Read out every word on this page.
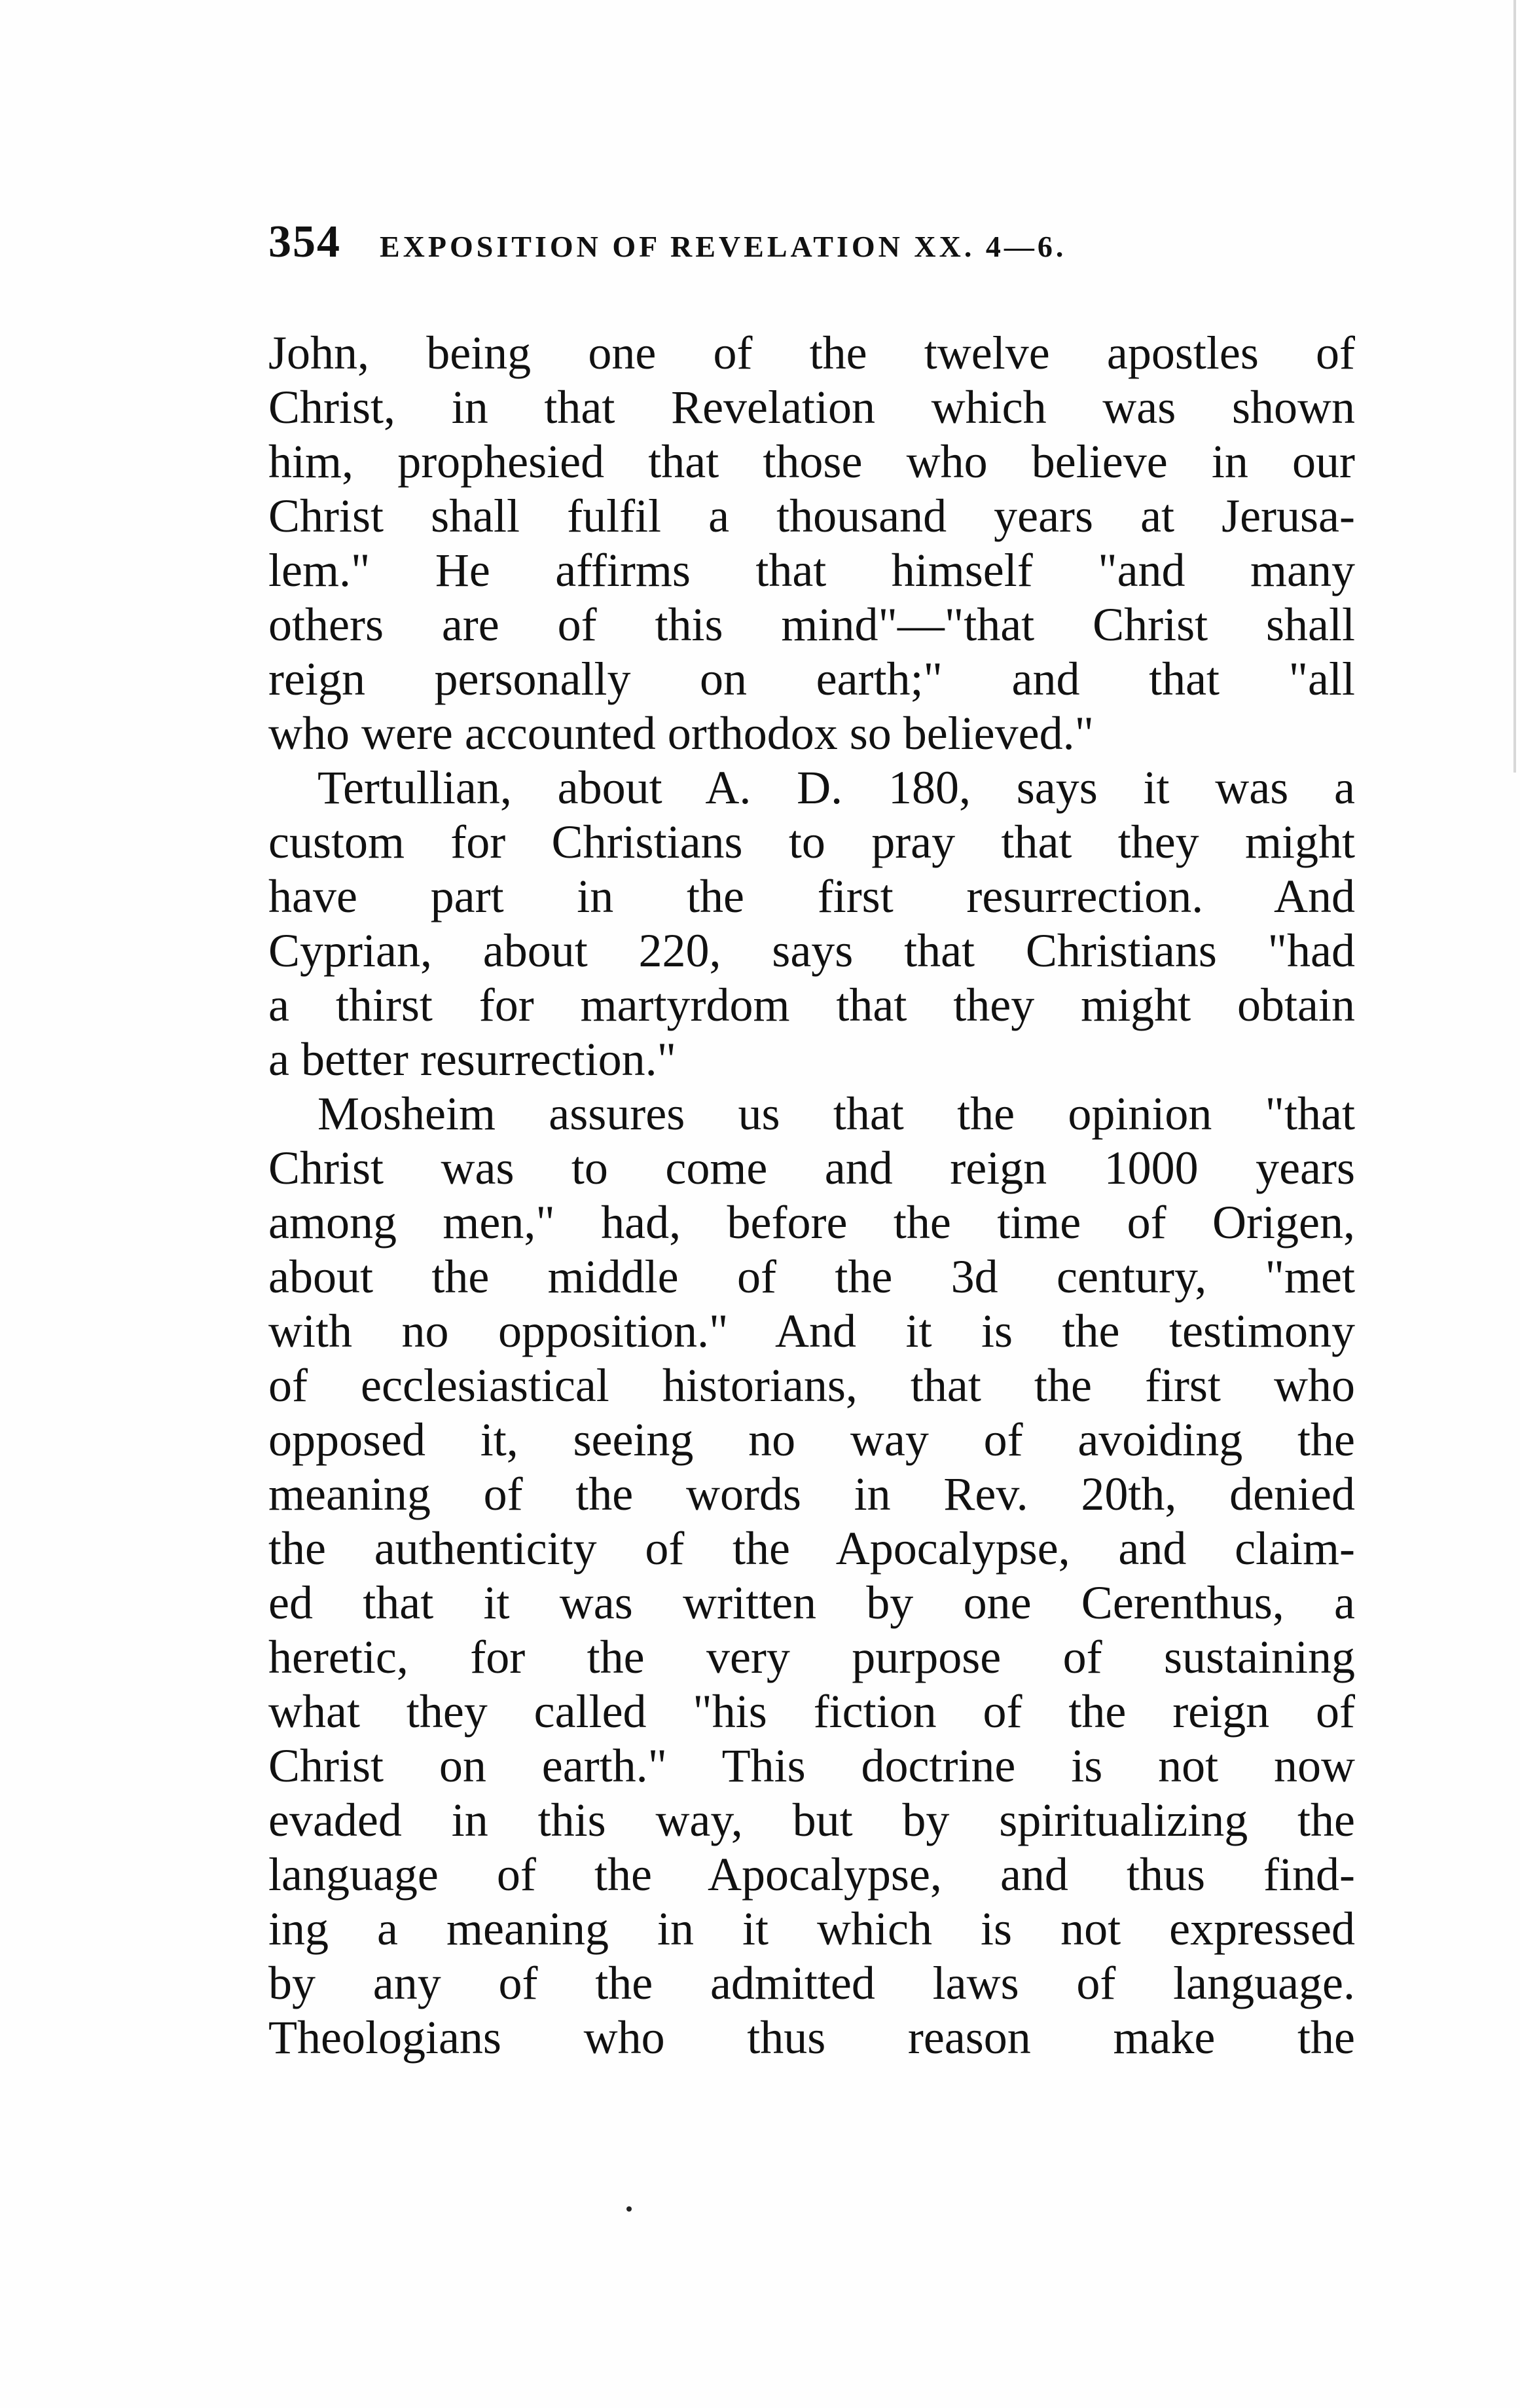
354 EXPOSITION OF REVELATION XX. 4—6.
John, being one of the twelve apostles of
Christ, in that Revelation which was shown
him, prophesied that those who believe in our
Christ shall fulfil a thousand years at Jerusa-
lem." He affirms that himself "and many
others are of this mind"—"that Christ shall
reign personally on earth;" and that "all
who were accounted orthodox so believed."
Tertullian, about A. D. 180, says it was a
custom for Christians to pray that they might
have part in the first resurrection. And
Cyprian, about 220, says that Christians "had
a thirst for martyrdom that they might obtain
a better resurrection."
Mosheim assures us that the opinion "that
Christ was to come and reign 1000 years
among men," had, before the time of Origen,
about the middle of the 3d century, "met
with no opposition." And it is the testimony
of ecclesiastical historians, that the first who
opposed it, seeing no way of avoiding the
meaning of the words in Rev. 20th, denied
the authenticity of the Apocalypse, and claim-
ed that it was written by one Cerenthus, a
heretic, for the very purpose of sustaining
what they called "his fiction of the reign of
Christ on earth." This doctrine is not now
evaded in this way, but by spiritualizing the
language of the Apocalypse, and thus find-
ing a meaning in it which is not expressed
by any of the admitted laws of language.
Theologians who thus reason make the
